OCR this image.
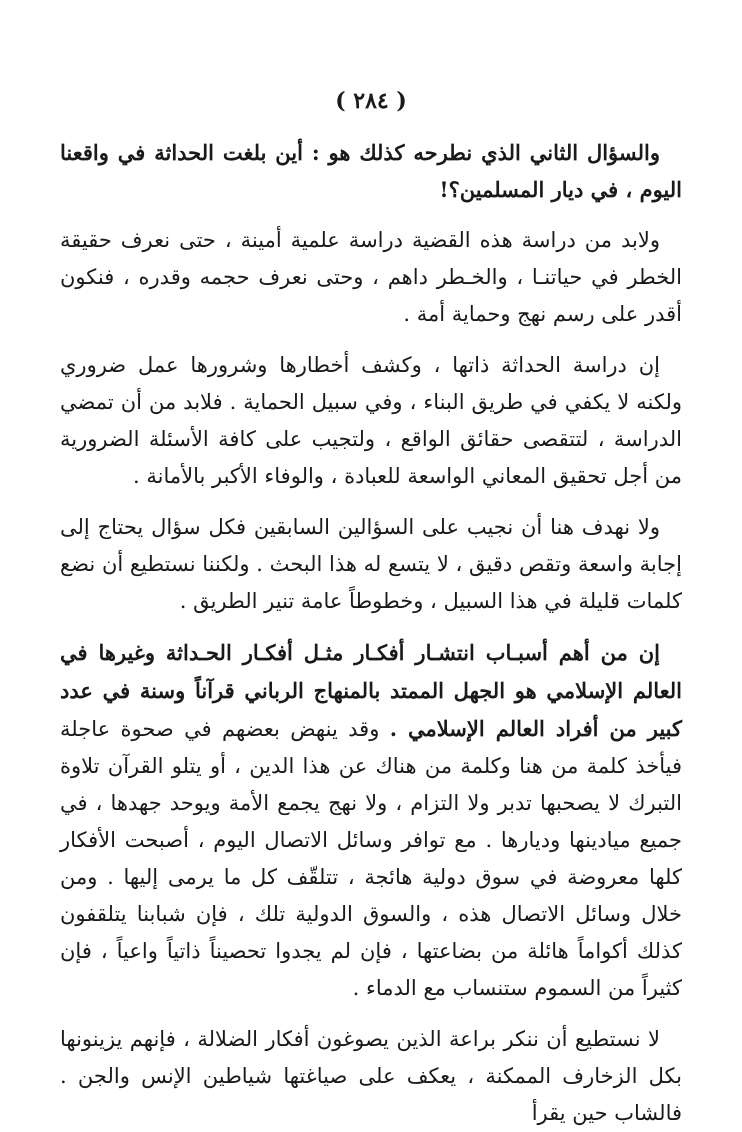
( ٢٨٤ )

والسؤال الثاني الذي نطرحه كذلك هو : أين بلغت الحداثة في واقعنا اليوم ، في ديار المسلمين؟!

ولابد من دراسة هذه القضية دراسة علمية أمينة ، حتى نعرف حقيقة الخطر في حياتنـا ، والخـطر داهم ، وحتى نعرف حجمه وقدره ، فنكون أقدر على رسم نهج وحماية أمة .

إن دراسة الحداثة ذاتها ، وكشف أخطارها وشرورها عمل ضروري ولكنه لا يكفي في طريق البناء ، وفي سبيل الحماية . فلابد من أن تمضي الدراسة ، لتتقصى حقائق الواقع ، ولتجيب على كافة الأسئلة الضرورية من أجل تحقيق المعاني الواسعة للعبادة ، والوفاء الأكبر بالأمانة .

ولا نهدف هنا أن نجيب على السؤالين السابقين فكل سؤال يحتاج إلى إجابة واسعة وتقص دقيق ، لا يتسع له هذا البحث . ولكننا نستطيع أن نضع كلمات قليلة في هذا السبيل ، وخطوطاً عامة تنير الطريق .

إن من أهم أسبـاب انتشـار أفكـار مثـل أفكـار الحـداثة وغيرها في العالم الإسلامي هو الجهل الممتد بالمنهاج الرباني قرآناً وسنة في عدد كبير من أفراد العالم الإسلامي . وقد ينهض بعضهم في صحوة عاجلة فيأخذ كلمة من هنا وكلمة من هناك عن هذا الدين ، أو يتلو القرآن تلاوة التبرك لا يصحبها تدبر ولا التزام ، ولا نهج يجمع الأمة ويوحد جهدها ، في جميع ميادينها وديارها . مع توافر وسائل الاتصال اليوم ، أصبحت الأفكار كلها معروضة في سوق دولية هائجة ، تتلقّف كل ما يرمى إليها . ومن خلال وسائل الاتصال هذه ، والسوق الدولية تلك ، فإن شبابنا يتلقفون كذلك أكواماً هائلة من بضاعتها ، فإن لم يجدوا تحصيناً ذاتياً واعياً ، فإن كثيراً من السموم ستنساب مع الدماء .

لا نستطيع أن ننكر براعة الذين يصوغون أفكار الضلالة ، فإنهم يزينونها بكل الزخارف الممكنة ، يعكف على صياغتها شياطين الإنس والجن . فالشاب حين يقرأ
